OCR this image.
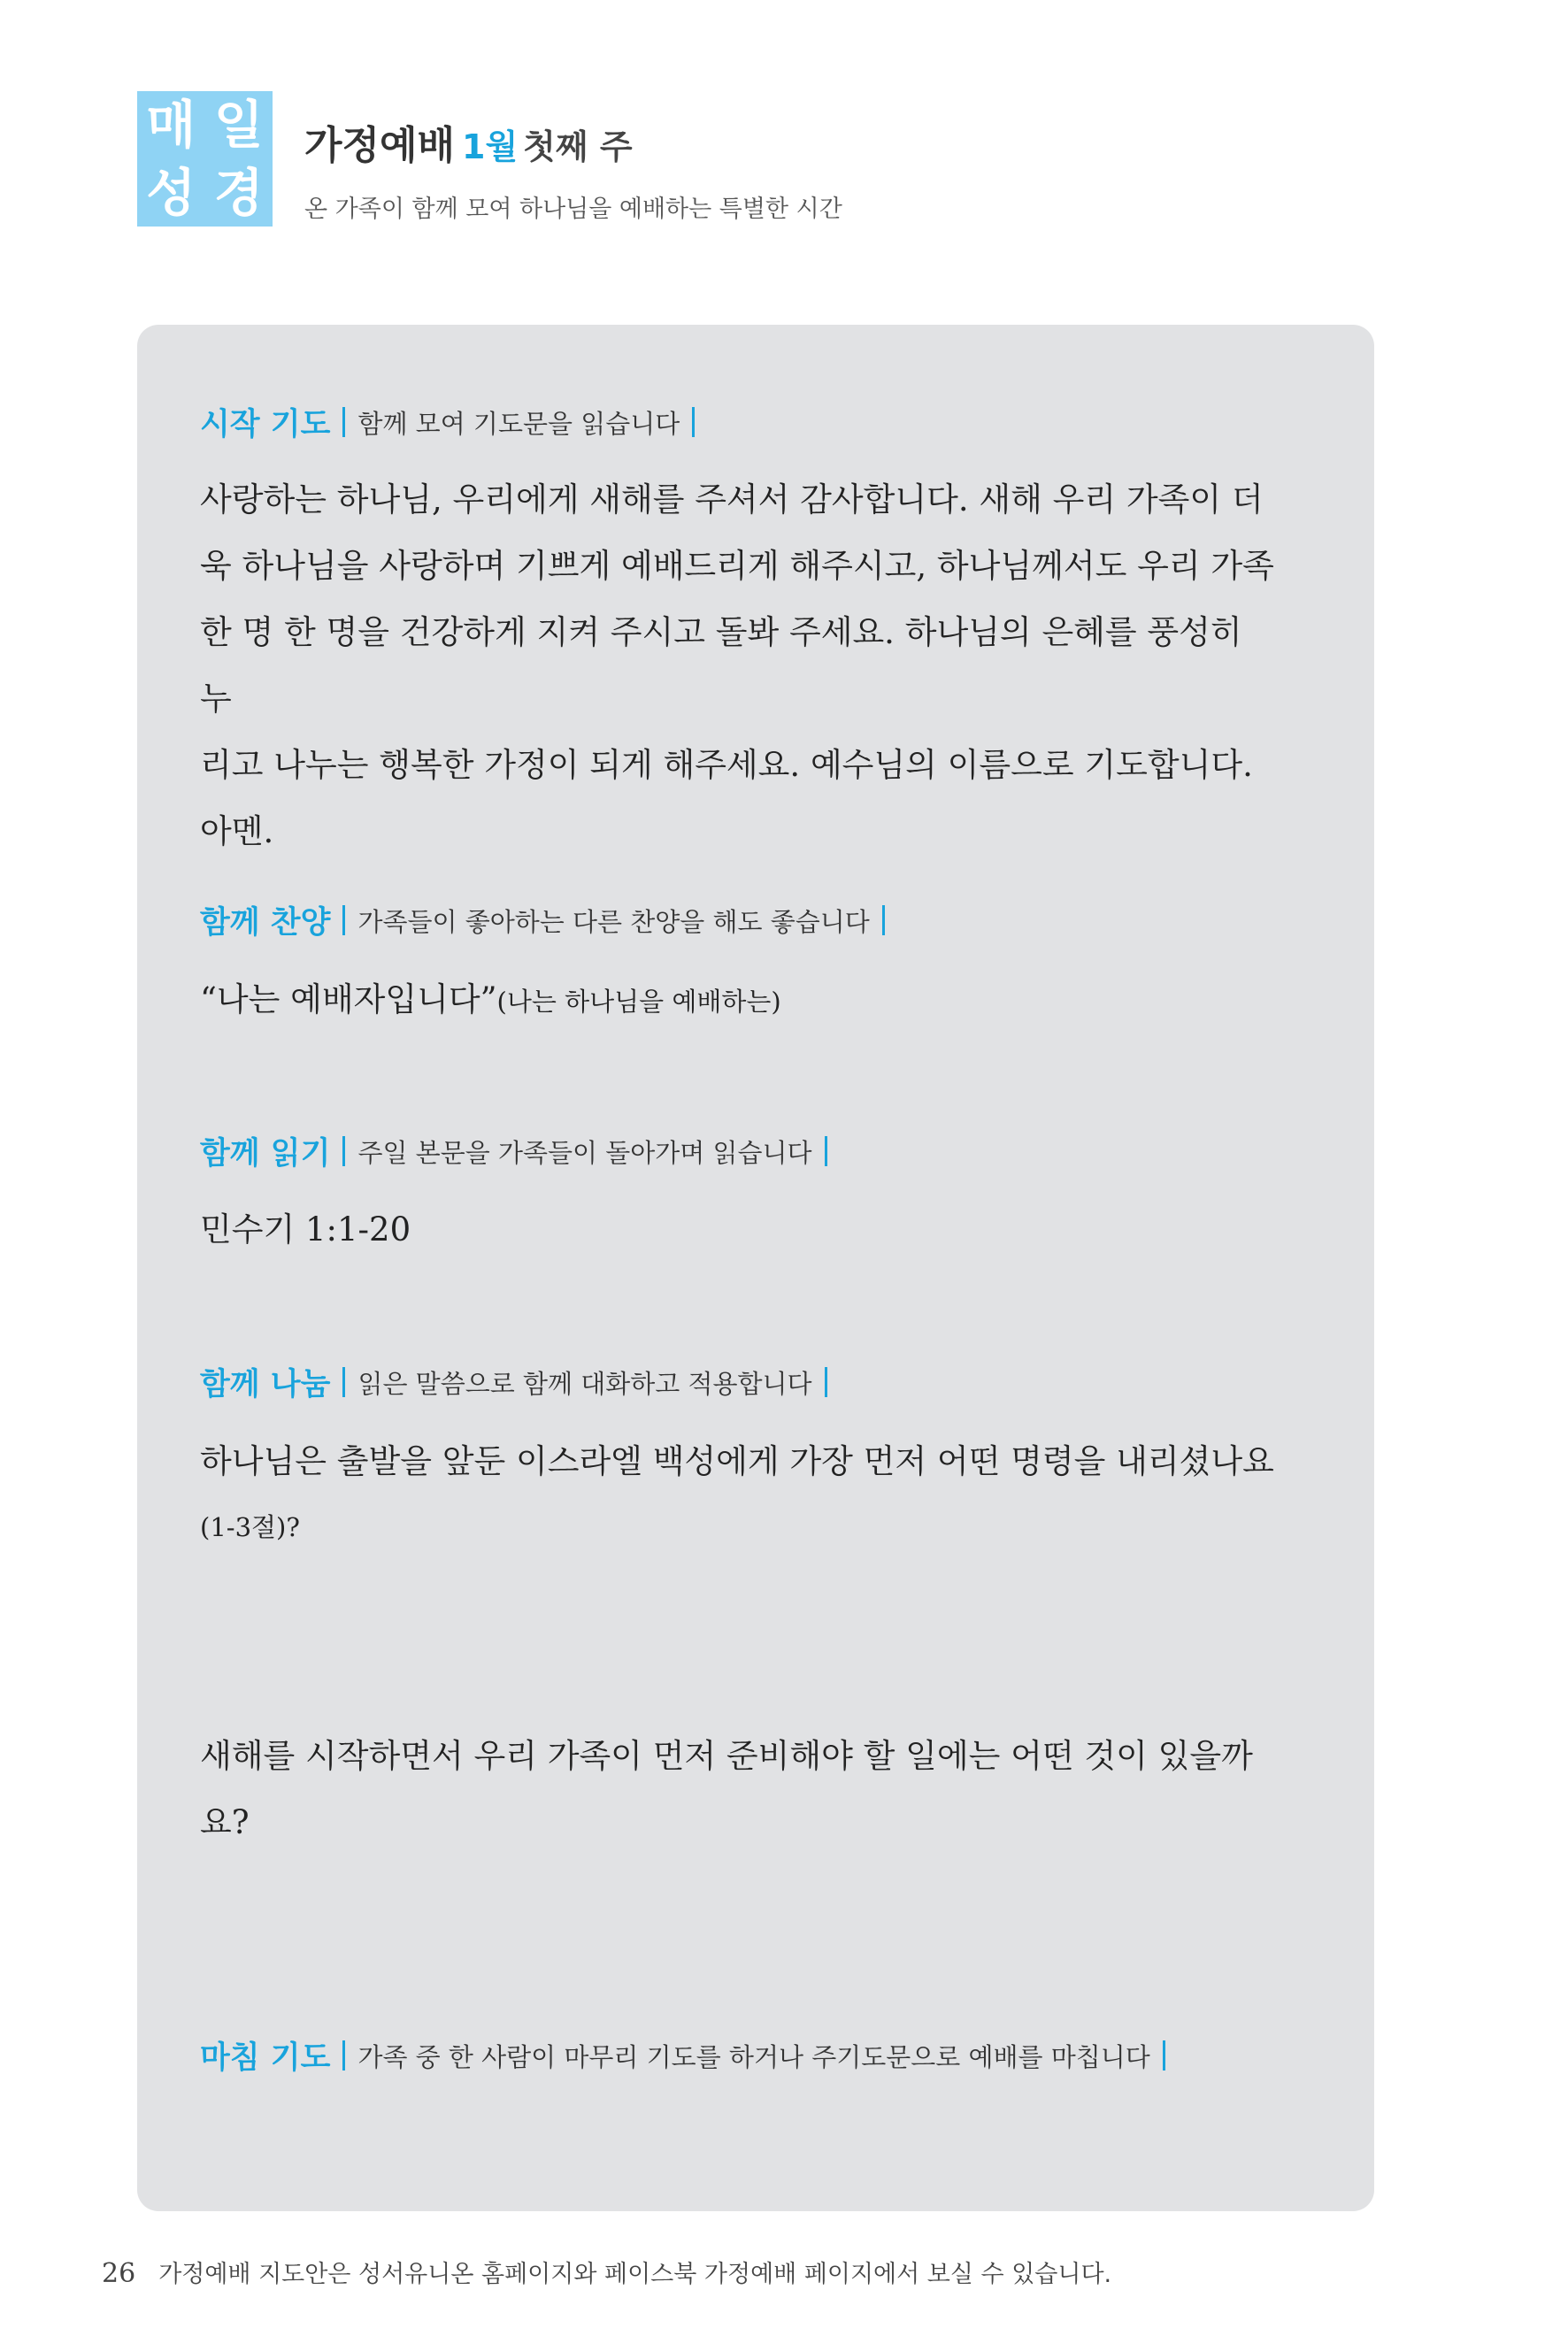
매 일
성 경
가정예배 1월 첫째 주
온 가족이 함께 모여 하나님을 예배하는 특별한 시간
시작 기도 함께 모여 기도문을 읽습니다
사랑하는 하나님, 우리에게 새해를 주셔서 감사합니다. 새해 우리 가족이 더
욱 하나님을 사랑하며 기쁘게 예배드리게 해주시고, 하나님께서도 우리 가족
한 명 한 명을 건강하게 지켜 주시고 돌봐 주세요. 하나님의 은혜를 풍성히 누
리고 나누는 행복한 가정이 되게 해주세요. 예수님의 이름으로 기도합니다.
아멘.
함께 찬양 가족들이 좋아하는 다른 찬양을 해도 좋습니다
“나는 예배자입니다”(나는 하나님을 예배하는)
함께 읽기 주일 본문을 가족들이 돌아가며 읽습니다
민수기 1:1-20
함께 나눔 읽은 말씀으로 함께 대화하고 적용합니다
하나님은 출발을 앞둔 이스라엘 백성에게 가장 먼저 어떤 명령을 내리셨나요
(1-3절)?
새해를 시작하면서 우리 가족이 먼저 준비해야 할 일에는 어떤 것이 있을까
요?
마침 기도 가족 중 한 사람이 마무리 기도를 하거나 주기도문으로 예배를 마칩니다
26 가정예배 지도안은 성서유니온 홈페이지와 페이스북 가정예배 페이지에서 보실 수 있습니다.
